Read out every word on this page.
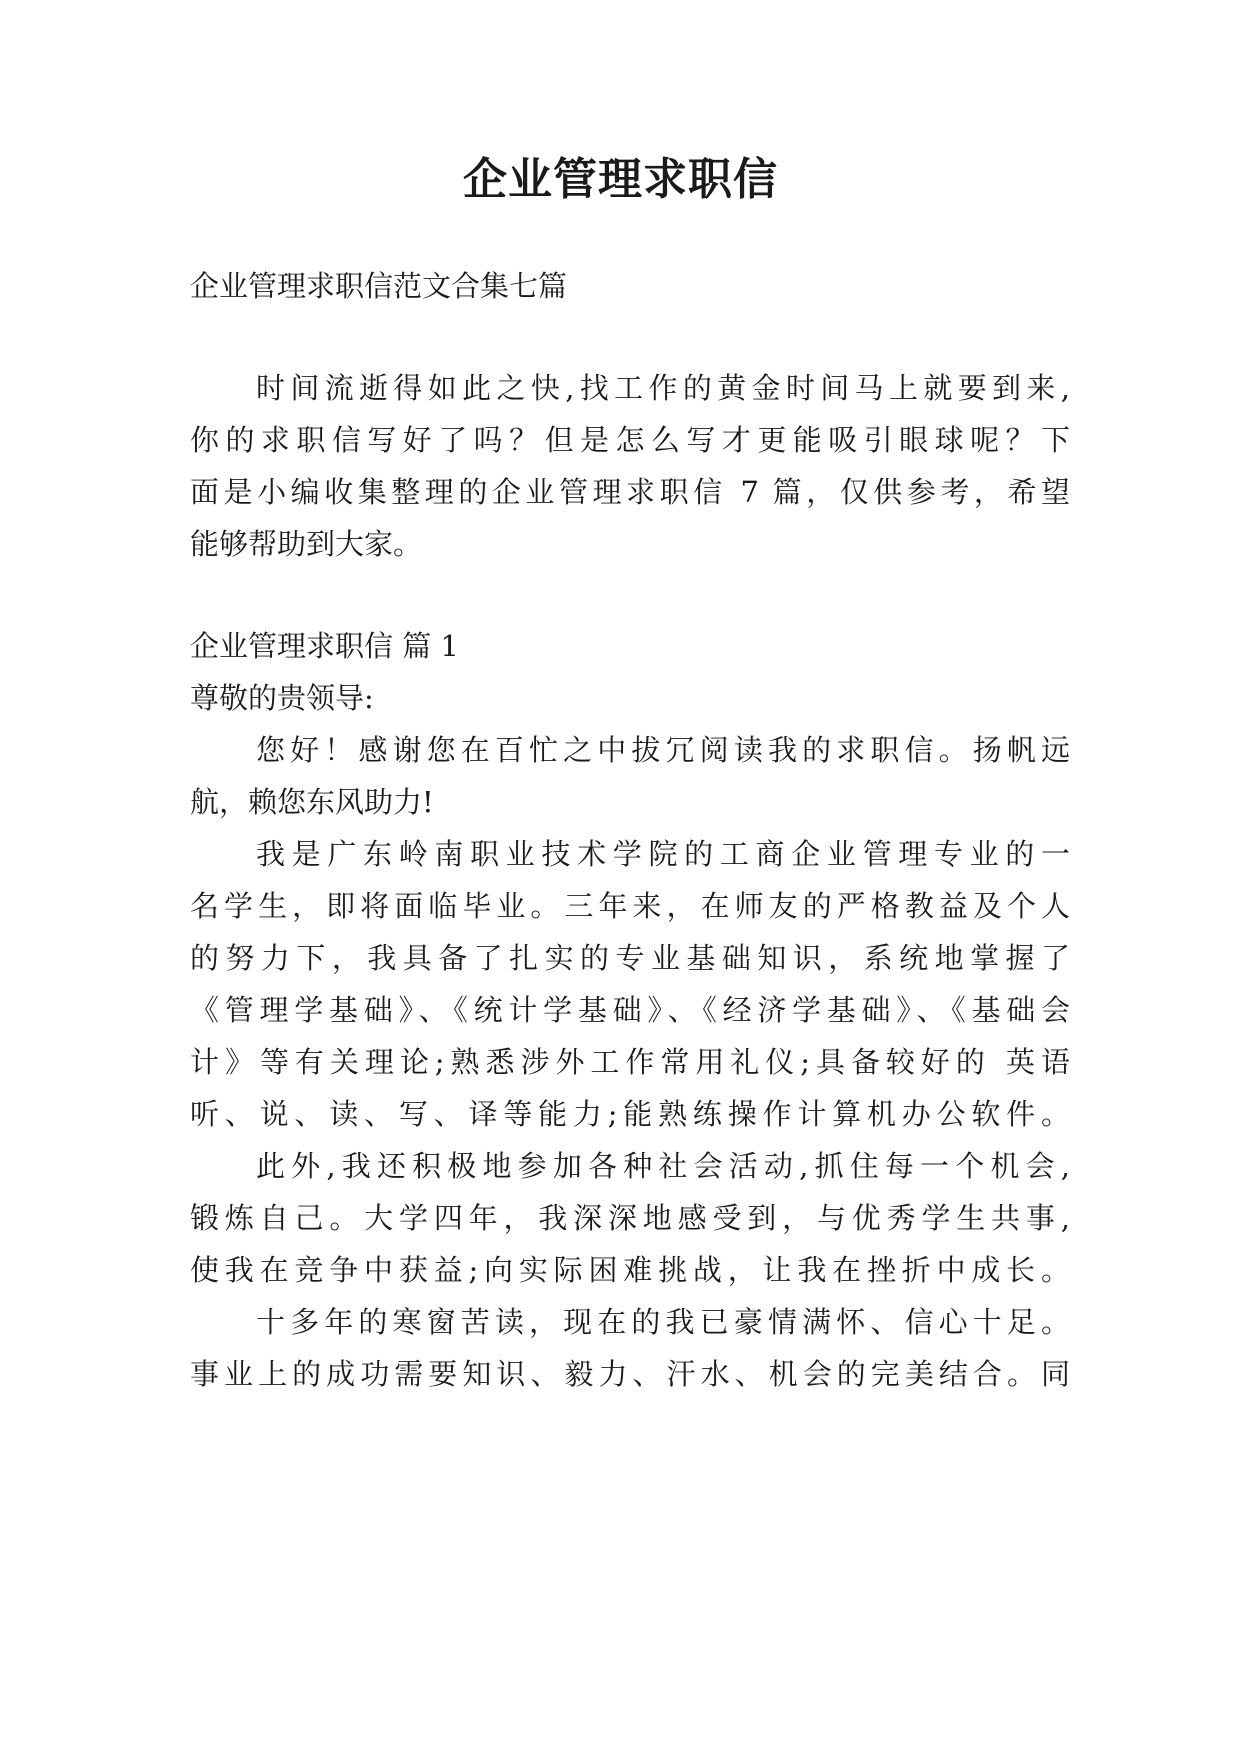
企业管理求职信

企业管理求职信范文合集七篇

时间流逝得如此之快,找工作的黄金时间马上就要到来,

你的求职信写好了吗？但是怎么写才更能吸引眼球呢？下

面是小编收集整理的企业管理求职信 7 篇，仅供参考，希望

能够帮助到大家。

企业管理求职信 篇 1

尊敬的贵领导:

您好！感谢您在百忙之中拔冗阅读我的求职信。扬帆远

航，赖您东风助力!

我是广东岭南职业技术学院的工商企业管理专业的一

名学生，即将面临毕业。三年来，在师友的严格教益及个人

的努力下，我具备了扎实的专业基础知识，系统地掌握了

《管理学基础》、《统计学基础》、《经济学基础》、《基础会

计》等有关理论;熟悉涉外工作常用礼仪;具备较好的 英语

听、说、读、写、译等能力;能熟练操作计算机办公软件。

此外,我还积极地参加各种社会活动,抓住每一个机会,

锻炼自己。大学四年，我深深地感受到，与优秀学生共事,

使我在竞争中获益;向实际困难挑战，让我在挫折中成长。

十多年的寒窗苦读，现在的我已豪情满怀、信心十足。

事业上的成功需要知识、毅力、汗水、机会的完美结合。同
